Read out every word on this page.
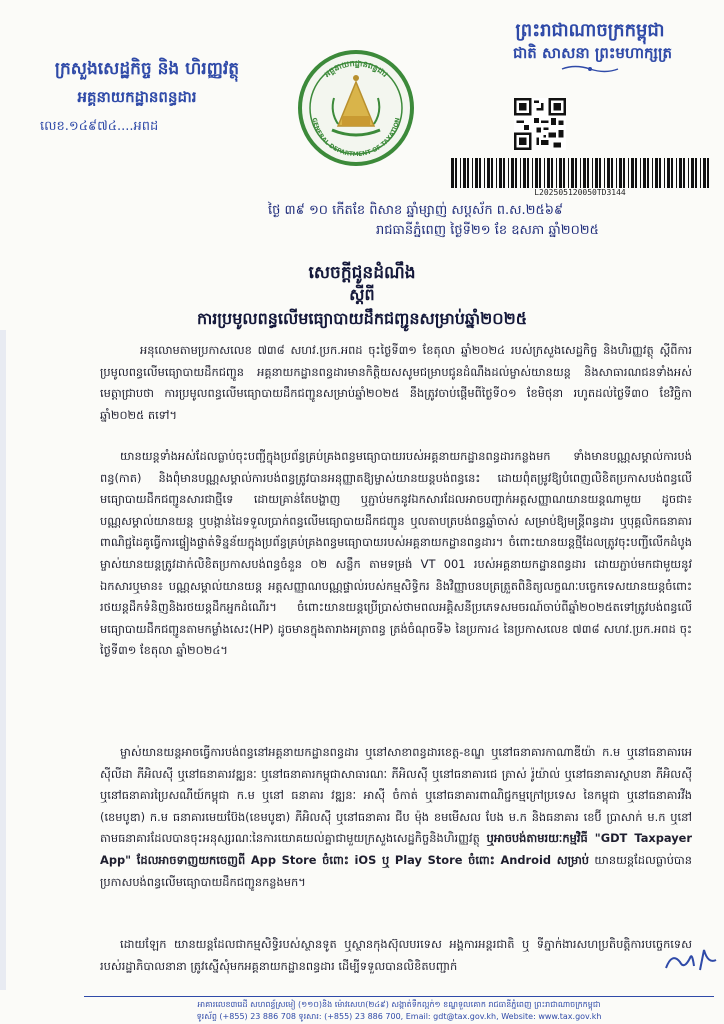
ក្រសួងសេដ្ឋកិច្ច និង ហិរញ្ញវត្ថុ
អគ្គនាយកដ្ឋានពន្ធដារ
លេខ.១៤៩៧៤....អពដ
ព្រះរាជាណាចក្រកម្ពុជា
ជាតិ សាសនា ព្រះមហាក្សត្រ
អគ្គនាយកដ្ឋានពន្ធដារ
GENERAL DEPARTMENT OF TAXATION
L202505120050TD3144
ថ្ងៃ ៣៩ ១០ កើតខែ ពិសាខ ឆ្នាំម្សាញ់ សប្តស័ក ព.ស.២៥៦៩
រាជធានីភ្នំពេញ ថ្ងៃទី២១ ខែ ឧសភា ឆ្នាំ២០២៥
សេចក្តីជូនដំណឹង
ស្តីពី
ការប្រមូលពន្ធលើមធ្យោបាយដឹកជញ្ជូនសម្រាប់ឆ្នាំ២០២៥
អនុលោមតាមប្រកាសលេខ ៧៣៨ សហវ.ប្រក.អពដ ចុះថ្ងៃទី៣១ ខែតុលា ឆ្នាំ២០២៤ របស់ក្រសួងសេដ្ឋកិច្ច និងហិរញ្ញវត្ថុ ស្តីពីការប្រមូលពន្ធលើមធ្យោបាយដឹកជញ្ជូន អគ្គនាយកដ្ឋានពន្ធដារមានកិត្តិយសសូមជម្រាបជូនដំណឹងដល់ម្ចាស់យានយន្ត និងសាធារណជនទាំងអស់មេត្តាជ្រាបថា ការប្រមូលពន្ធលើមធ្យោបាយដឹកជញ្ជូនសម្រាប់ឆ្នាំ២០២៥ នឹងត្រូវចាប់ផ្តើមពីថ្ងៃទី០១ ខែមិថុនា រហូតដល់ថ្ងៃទី៣០ ខែវិច្ឆិកា ឆ្នាំ២០២៥ តទៅ។
យានយន្តទាំងអស់ដែលធ្លាប់ចុះបញ្ជីក្នុងប្រព័ន្ធគ្រប់គ្រងពន្ធមធ្យោបាយរបស់អគ្គនាយកដ្ឋានពន្ធដារកន្លងមក ទាំងមានបណ្ណសម្គាល់ការបង់ពន្ធ(កាត) និងពុំមានបណ្ណសម្គាល់ការបង់ពន្ធត្រូវបានអនុញ្ញាតឱ្យម្ចាស់យានយន្តបង់ពន្ធនេះ ដោយពុំតម្រូវឱ្យបំពេញលិខិតប្រកាសបង់ពន្ធលើមធ្យោបាយដឹកជញ្ជូនសារជាថ្មីទេ ដោយគ្រាន់តែបង្ហាញ ឬភ្ជាប់មកនូវឯកសារដែលអាចបញ្ជាក់អត្តសញ្ញាណយានយន្តណាមួយ ដូចជា៖ បណ្ណសម្គាល់យានយន្ត ឬបង្កាន់ដៃទទួលប្រាក់ពន្ធលើមធ្យោបាយដឹកជញ្ជូន ឬលតាបត្របង់ពន្ធឆ្នាំចាស់ សម្រាប់ឱ្យមន្ត្រីពន្ធដារ ឬបុគ្គលិកធនាគារពាណិជ្ជដៃគូធ្វើការផ្ទៀងផ្ទាត់ទិន្នន័យក្នុងប្រព័ន្ធគ្រប់គ្រងពន្ធមធ្យោបាយរបស់អគ្គនាយកដ្ឋានពន្ធដារ។ ចំពោះយានយន្តថ្មីដែលត្រូវចុះបញ្ជីលើកដំបូង ម្ចាស់យានយន្តត្រូវដាក់លិខិតប្រកាសបង់ពន្ធចំនួន ០២ សន្លឹក តាមទម្រង់ VT 001 របស់អគ្គនាយកដ្ឋានពន្ធដារ ដោយភ្ជាប់មកជាមួយនូវឯកសារឬមាន៖ បណ្ណសម្គាល់យានយន្ត អត្តសញ្ញាណបណ្ណផ្ទាល់របស់កម្មសិទ្ធិករ និងវិញ្ញាបនបត្រត្រួតពិនិត្យលក្ខណៈបច្ចេកទេសយានយន្តចំពោះរថយន្តដឹកទំនិញនិងរថយន្តដឹកអ្នកដំណើរ។ ចំពោះយានយន្តប្រើប្រាស់ថាមពលអគ្គិសនីប្រភេទសមចរណ៍ចាប់ពីឆ្នាំ២០២៥តទៅត្រូវបង់ពន្ធលើមធ្យោបាយដឹកជញ្ជូនតាមកម្លាំងសេះ(HP) ដូចមានក្នុងតារាងអត្រាពន្ធ ត្រង់ចំណុចទី៦ នៃប្រការ៤ នៃប្រកាសលេខ ៧៣៨ សហវ.ប្រក.អពដ ចុះថ្ងៃទី៣១ ខែតុលា ឆ្នាំ២០២៤។
ម្ចាស់យានយន្តអាចធ្វើការបង់ពន្ធនៅអគ្គនាយកដ្ឋានពន្ធដារ ឬនៅសាខាពន្ធដារខេត្ត-ខណ្ឌ ឬនៅធនាគារកាណាឌីយ៉ា ក.ម ឬនៅធនាគារអេស៊ីលីដា ភីអិលស៊ី ឬនៅធនាគារវឌ្ឍនៈ ឬនៅធនាគារកម្ពុជាសាធារណៈ ភីអិលស៊ី ឬនៅធនាគារជេ ត្រាស់ រ៉ូយ៉ាល់ ឬនៅធនាគារស្ថាបនា ភីអិលស៊ី ឬនៅធនាគារប្រៃសណីយ៍កម្ពុជា ក.ម ឬនៅ ធនាគារ វឌ្ឍនៈ អាស៊ី ចំកាត់ ឬនៅធនាគារពាណិជ្ជកម្មក្រៅប្រទេស នៃកម្ពុជា ឬនៅធនាគារវីង (ខេមបូឌា) ក.ម ធនាគារមេយប៊ែង(ខេមបូឌា) ភីអិលស៊ី ឬនៅធនាគារ ជីប ម៉ុង ខមមើសល បែង ម.ក និងធនាគារ ខេប៊ី ប្រាសាក់ ម.ក ឬនៅតាមធនាគារដែលបានចុះអនុស្សរណៈនៃការយោគយល់គ្នាជាមួយក្រសួងសេដ្ឋកិច្ចនិងហិរញ្ញវត្ថុ ឬអាចបង់តាមរយៈកម្មវិធី "GDT Taxpayer App" ដែលអាចទាញយកចេញពី App Store ចំពោះ iOS ឬ Play Store ចំពោះ Android សម្រាប់ យានយន្តដែលធ្លាប់បានប្រកាសបង់ពន្ធលើមធ្យោបាយដឹកជញ្ជូនកន្លងមក។
ដោយឡែក យានយន្តដែលជាកម្មសិទ្ធិរបស់ស្ថានទូត ឬស្ថានកុងស៊ុលបរទេស អង្គការអន្តរជាតិ ឬ ទីភ្នាក់ងារសហប្រតិបត្តិការបច្ចេកទេសរបស់រដ្ឋាភិបាលនានា ត្រូវស្នើសុំមកអគ្គនាយកដ្ឋានពន្ធដារ ដើម្បីទទួលបានលិខិតបញ្ជាក់
អាគារលេខ៣រេដី សហពន្ធ័ស្រមៀ (១១០)និង ម៉ោវសេហ(២៤៩) សង្កាត់ទឹកល្អក់១ ខណ្ឌទួលគោក រាជធានីភ្នំពេញ ព្រះរាជាណាចក្រកម្ពុជា
ទូរស័ព្ទ (+855) 23 886 708 ទូរសារ: (+855) 23 886 700, Email: gdt@tax.gov.kh, Website: www.tax.gov.kh
